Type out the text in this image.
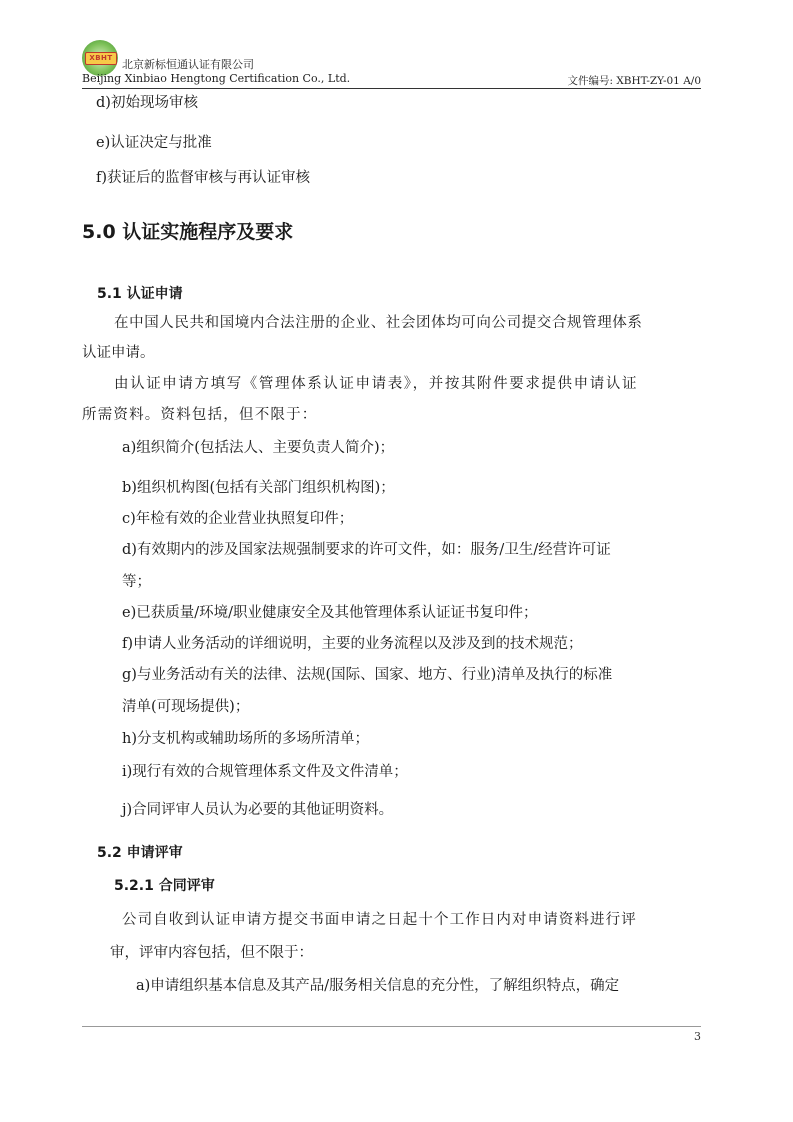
XBHT 北京新标恒通认证有限公司
Beijing Xinbiao Hengtong Certification Co., Ltd.	文件编号: XBHT-ZY-01 A/0
d)初始现场审核
e)认证决定与批准
f)获证后的监督审核与再认证审核
5.0 认证实施程序及要求
5.1 认证申请
在中国人民共和国境内合法注册的企业、社会团体均可向公司提交合规管理体系
认证申请。
由认证申请方填写《管理体系认证申请表》，并按其附件要求提供申请认证
所需资料。资料包括，但不限于：
a)组织简介(包括法人、主要负责人简介)；
b)组织机构图(包括有关部门组织机构图)；
c)年检有效的企业营业执照复印件；
d)有效期内的涉及国家法规强制要求的许可文件，如：服务/卫生/经营许可证
等；
e)已获质量/环境/职业健康安全及其他管理体系认证证书复印件；
f)申请人业务活动的详细说明，主要的业务流程以及涉及到的技术规范；
g)与业务活动有关的法律、法规(国际、国家、地方、行业)清单及执行的标准
清单(可现场提供)；
h)分支机构或辅助场所的多场所清单；
i)现行有效的合规管理体系文件及文件清单；
j)合同评审人员认为必要的其他证明资料。
5.2 申请评审
5.2.1 合同评审
公司自收到认证申请方提交书面申请之日起十个工作日内对申请资料进行评
审，评审内容包括，但不限于：
a)申请组织基本信息及其产品/服务相关信息的充分性，了解组织特点，确定
3
